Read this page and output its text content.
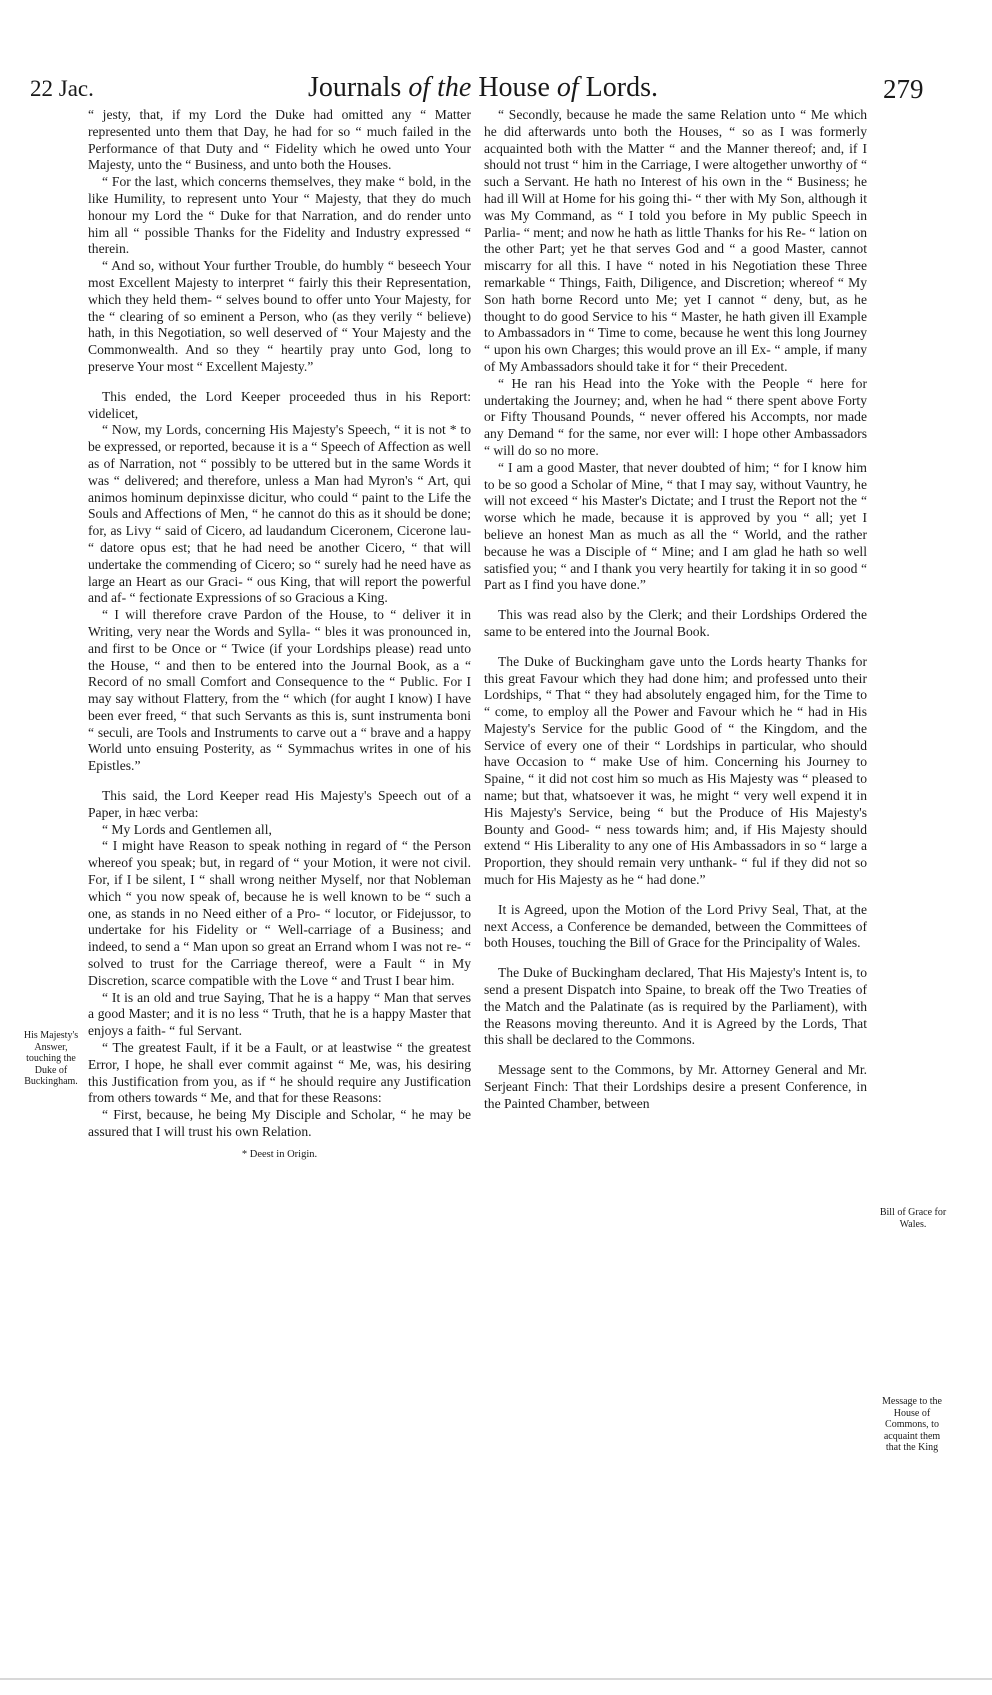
22 Jac.	Journals of the House of Lords.	279

“ jesty, that, if my Lord the Duke had omitted any “ Matter represented unto them that Day, he had for so “ much failed in the Performance of that Duty and “ Fidelity which he owed unto Your Majesty, unto the “ Business, and unto both the Houses.

“ For the last, which concerns themselves, they make “ bold, in the like Humility, to represent unto Your “ Majesty, that they do much honour my Lord the “ Duke for that Narration, and do render unto him all “ possible Thanks for the Fidelity and Industry expressed “ therein.

“ And so, without Your further Trouble, do humbly “ beseech Your most Excellent Majesty to interpret “ fairly this their Representation, which they held them- “ selves bound to offer unto Your Majesty, for the “ clearing of so eminent a Person, who (as they verily “ believe) hath, in this Negotiation, so well deserved of “ Your Majesty and the Commonwealth. And so they “ heartily pray unto God, long to preserve Your most “ Excellent Majesty.”

This ended, the Lord Keeper proceeded thus in his Report: videlicet,

“ Now, my Lords, concerning His Majesty's Speech, “ it is not * to be expressed, or reported, because it is a “ Speech of Affection as well as of Narration, not “ possibly to be uttered but in the same Words it was “ delivered; and therefore, unless a Man had Myron's “ Art, qui animos hominum depinxisse dicitur, who could “ paint to the Life the Souls and Affections of Men, “ he cannot do this as it should be done; for, as Livy “ said of Cicero, ad laudandum Ciceronem, Cicerone lau- “ datore opus est; that he had need be another Cicero, “ that will undertake the commending of Cicero; so “ surely had he need have as large an Heart as our Graci- “ ous King, that will report the powerful and af- “ fectionate Expressions of so Gracious a King.

“ I will therefore crave Pardon of the House, to “ deliver it in Writing, very near the Words and Sylla- “ bles it was pronounced in, and first to be Once or “ Twice (if your Lordships please) read unto the House, “ and then to be entered into the Journal Book, as a “ Record of no small Comfort and Consequence to the “ Public. For I may say without Flattery, from the “ which (for aught I know) I have been ever freed, “ that such Servants as this is, sunt instrumenta boni “ seculi, are Tools and Instruments to carve out a “ brave and a happy World unto ensuing Posterity, as “ Symmachus writes in one of his Epistles.”

This said, the Lord Keeper read His Majesty's Speech out of a Paper, in hæc verba:

“ My Lords and Gentlemen all,

“ I might have Reason to speak nothing in regard of “ the Person whereof you speak; but, in regard of “ your Motion, it were not civil. For, if I be silent, I “ shall wrong neither Myself, nor that Nobleman which “ you now speak of, because he is well known to be “ such a one, as stands in no Need either of a Pro- “ locutor, or Fidejussor, to undertake for his Fidelity or “ Well-carriage of a Business; and indeed, to send a “ Man upon so great an Errand whom I was not re- “ solved to trust for the Carriage thereof, were a Fault “ in My Discretion, scarce compatible with the Love “ and Trust I bear him.

“ It is an old and true Saying, That he is a happy “ Man that serves a good Master; and it is no less “ Truth, that he is a happy Master that enjoys a faith- “ ful Servant.

“ The greatest Fault, if it be a Fault, or at leastwise “ the greatest Error, I hope, he shall ever commit against “ Me, was, his desiring this Justification from you, as if “ he should require any Justification from others towards “ Me, and that for these Reasons:

“ First, because, he being My Disciple and Scholar, “ he may be assured that I will trust his own Relation.

* Deest in Origin.

“ Secondly, because he made the same Relation unto “ Me which he did afterwards unto both the Houses, “ so as I was formerly acquainted both with the Matter “ and the Manner thereof; and, if I should not trust “ him in the Carriage, I were altogether unworthy of “ such a Servant. He hath no Interest of his own in the “ Business; he had ill Will at Home for his going thi- “ ther with My Son, although it was My Command, as “ I told you before in My public Speech in Parlia- “ ment; and now he hath as little Thanks for his Re- “ lation on the other Part; yet he that serves God and “ a good Master, cannot miscarry for all this. I have “ noted in his Negotiation these Three remarkable “ Things, Faith, Diligence, and Discretion; whereof “ My Son hath borne Record unto Me; yet I cannot “ deny, but, as he thought to do good Service to his “ Master, he hath given ill Example to Ambassadors in “ Time to come, because he went this long Journey “ upon his own Charges; this would prove an ill Ex- “ ample, if many of My Ambassadors should take it for “ their Precedent.

“ He ran his Head into the Yoke with the People “ here for undertaking the Journey; and, when he had “ there spent above Forty or Fifty Thousand Pounds, “ never offered his Accompts, nor made any Demand “ for the same, nor ever will: I hope other Ambassadors “ will do so no more.

“ I am a good Master, that never doubted of him; “ for I know him to be so good a Scholar of Mine, “ that I may say, without Vauntry, he will not exceed “ his Master's Dictate; and I trust the Report not the “ worse which he made, because it is approved by you “ all; yet I believe an honest Man as much as all the “ World, and the rather because he was a Disciple of “ Mine; and I am glad he hath so well satisfied you; “ and I thank you very heartily for taking it in so good “ Part as I find you have done.”

This was read also by the Clerk; and their Lordships Ordered the same to be entered into the Journal Book.

The Duke of Buckingham gave unto the Lords hearty Thanks for this great Favour which they had done him; and professed unto their Lordships, “ That “ they had absolutely engaged him, for the Time to “ come, to employ all the Power and Favour which he “ had in His Majesty's Service for the public Good of “ the Kingdom, and the Service of every one of their “ Lordships in particular, who should have Occasion to “ make Use of him. Concerning his Journey to Spaine, “ it did not cost him so much as His Majesty was “ pleased to name; but that, whatsoever it was, he might “ very well expend it in His Majesty's Service, being “ but the Produce of His Majesty's Bounty and Good- “ ness towards him; and, if His Majesty should extend “ His Liberality to any one of His Ambassadors in so “ large a Proportion, they should remain very unthank- “ ful if they did not so much for His Majesty as he “ had done.”

It is Agreed, upon the Motion of the Lord Privy Seal, That, at the next Access, a Conference be demanded, between the Committees of both Houses, touching the Bill of Grace for the Principality of Wales.

The Duke of Buckingham declared, That His Majesty's Intent is, to send a present Dispatch into Spaine, to break off the Two Treaties of the Match and the Palatinate (as is required by the Parliament), with the Reasons moving thereunto. And it is Agreed by the Lords, That this shall be declared to the Commons.

Message sent to the Commons, by Mr. Attorney General and Mr. Serjeant Finch: That their Lordships desire a present Conference, in the Painted Chamber, between

His Majesty's Answer, touching the Duke of Buckingham.
Bill of Grace for Wales.
Message to the House of Commons, to acquaint them that the King
